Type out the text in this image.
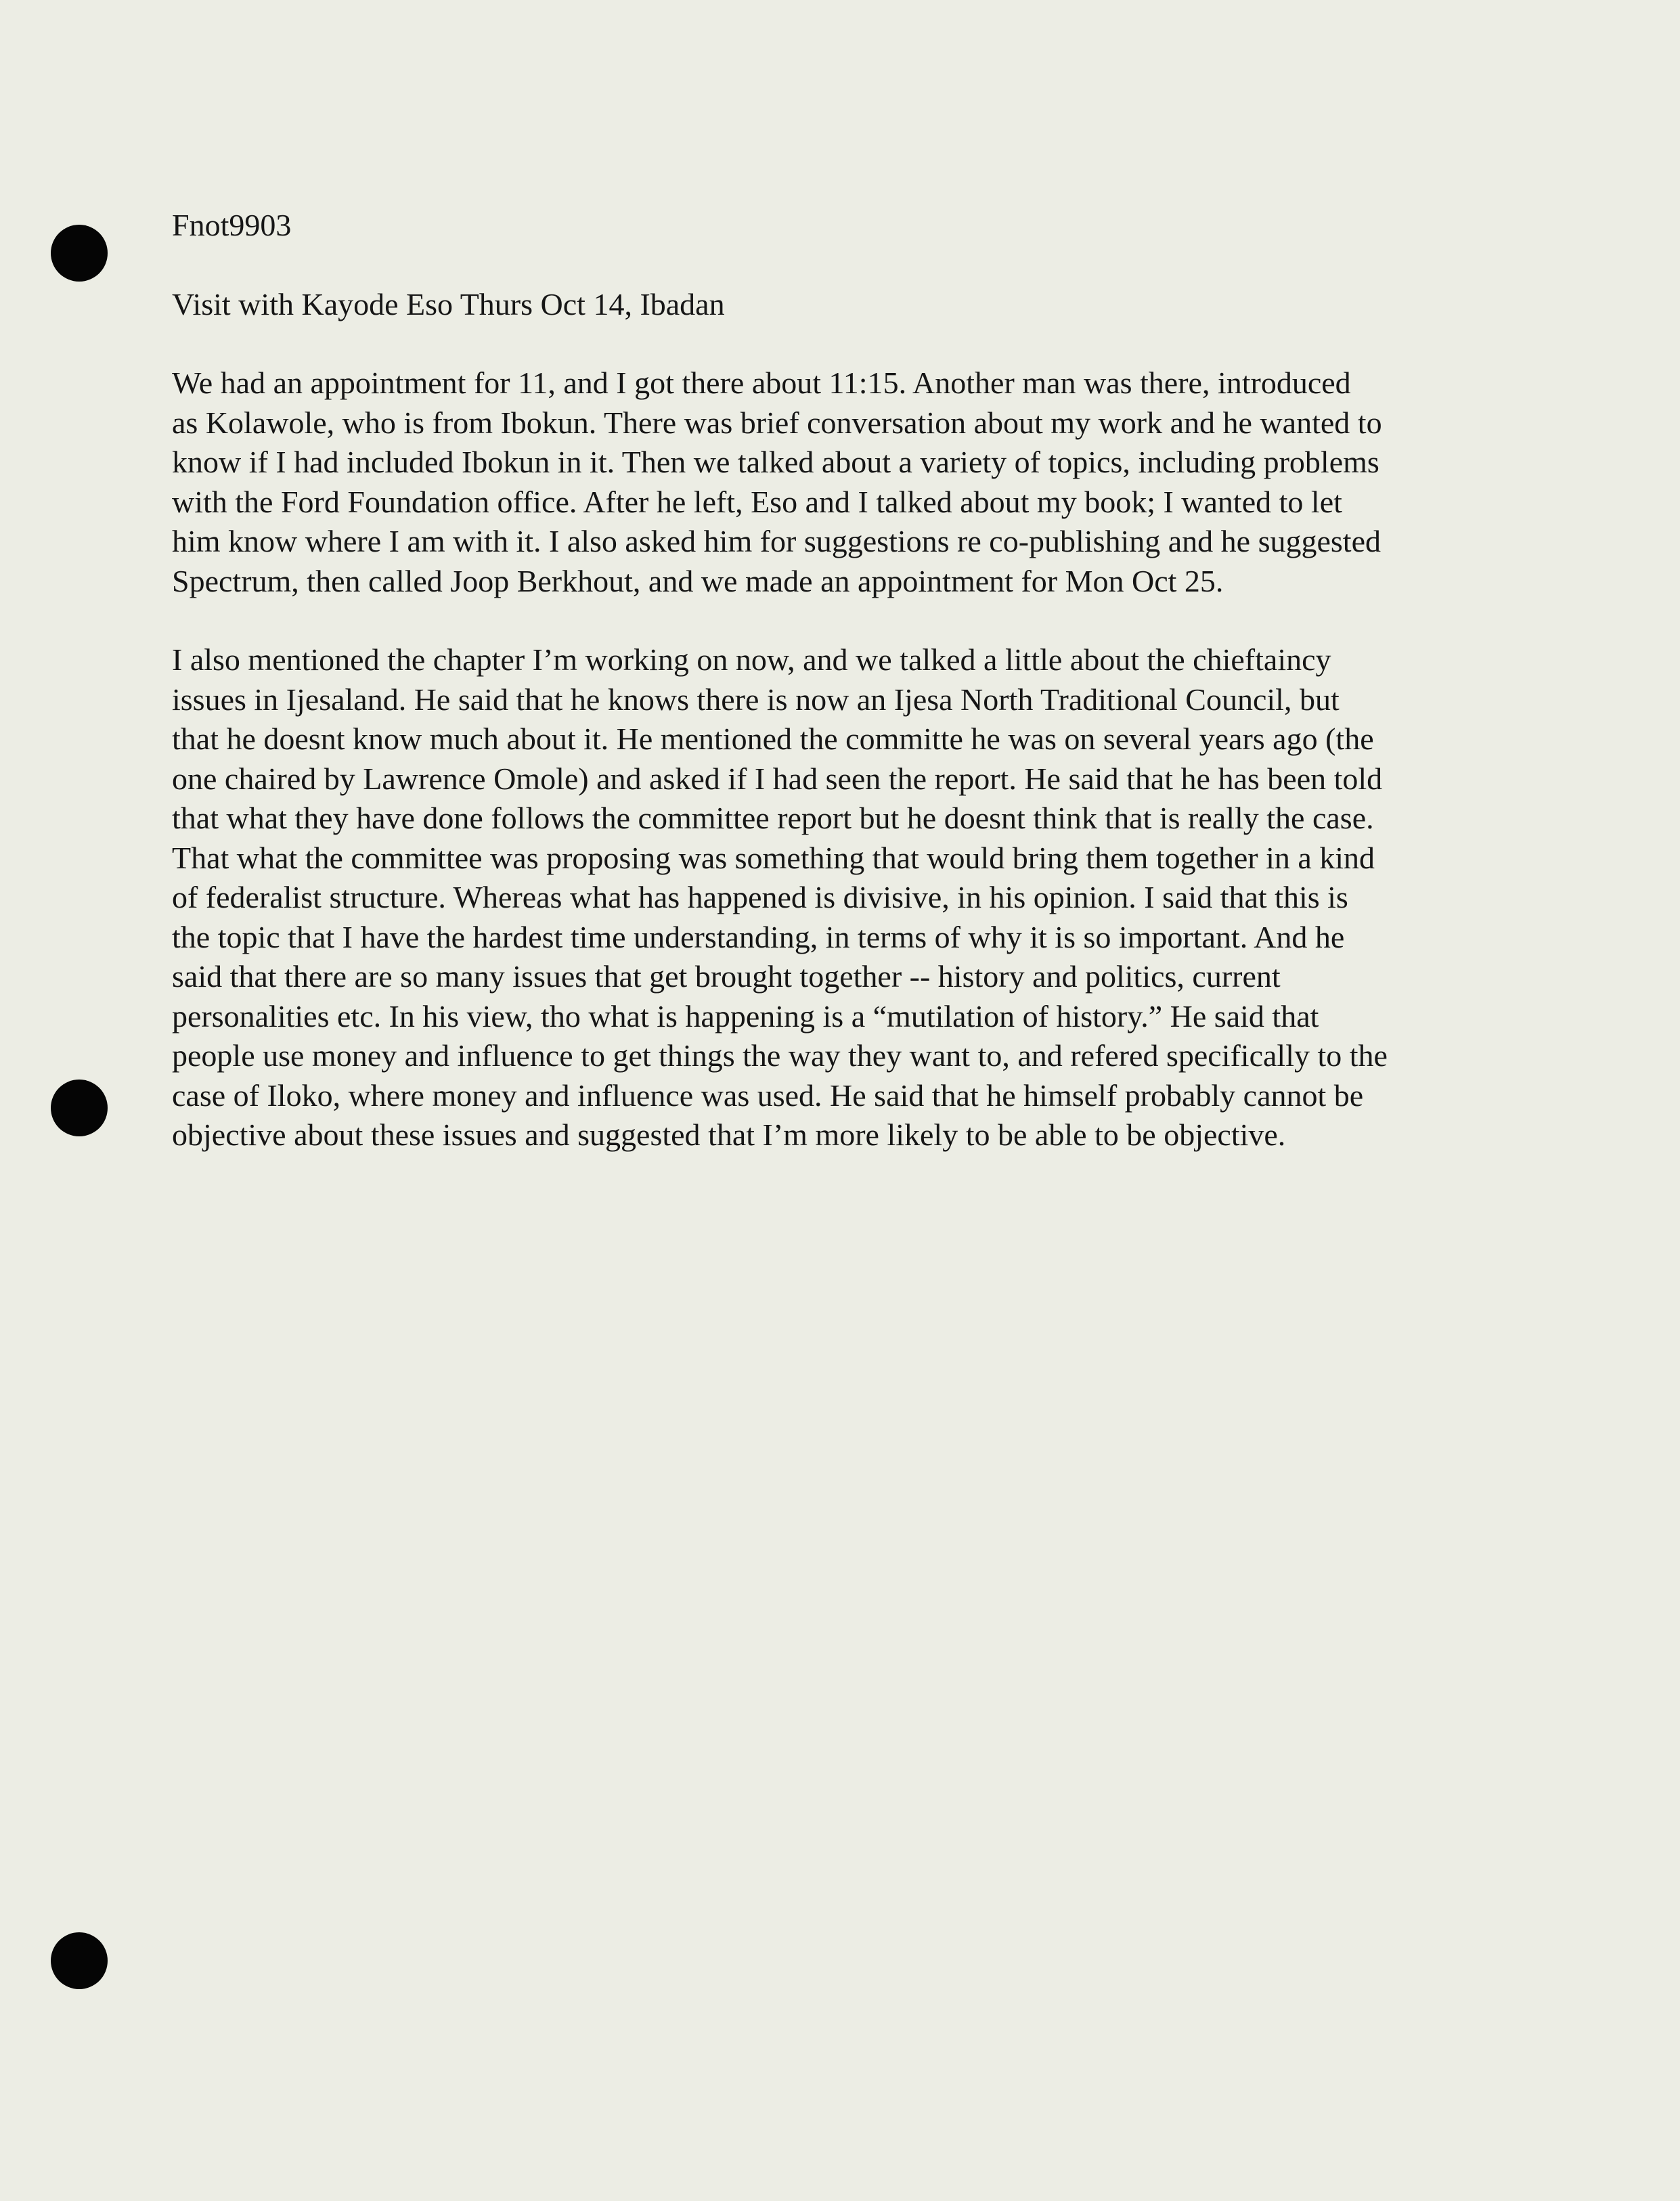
Fnot9903

Visit with Kayode Eso Thurs Oct 14, Ibadan

We had an appointment for 11, and I got there about 11:15. Another man was there, introduced
as Kolawole, who is from Ibokun. There was brief conversation about my work and he wanted to
know if I had included Ibokun in it. Then we talked about a variety of topics, including problems
with the Ford Foundation office. After he left, Eso and I talked about my book; I wanted to let
him know where I am with it. I also asked him for suggestions re co-publishing and he suggested
Spectrum, then called Joop Berkhout, and we made an appointment for Mon Oct 25.

I also mentioned the chapter I’m working on now, and we talked a little about the chieftaincy
issues in Ijesaland. He said that he knows there is now an Ijesa North Traditional Council, but
that he doesnt know much about it. He mentioned the committe he was on several years ago (the
one chaired by Lawrence Omole) and asked if I had seen the report. He said that he has been told
that what they have done follows the committee report but he doesnt think that is really the case.
That what the committee was proposing was something that would bring them together in a kind
of federalist structure. Whereas what has happened is divisive, in his opinion. I said that this is
the topic that I have the hardest time understanding, in terms of why it is so important. And he
said that there are so many issues that get brought together -- history and politics, current
personalities etc. In his view, tho what is happening is a “mutilation of history.” He said that
people use money and influence to get things the way they want to, and refered specifically to the
case of Iloko, where money and influence was used. He said that he himself probably cannot be
objective about these issues and suggested that I’m more likely to be able to be objective.
